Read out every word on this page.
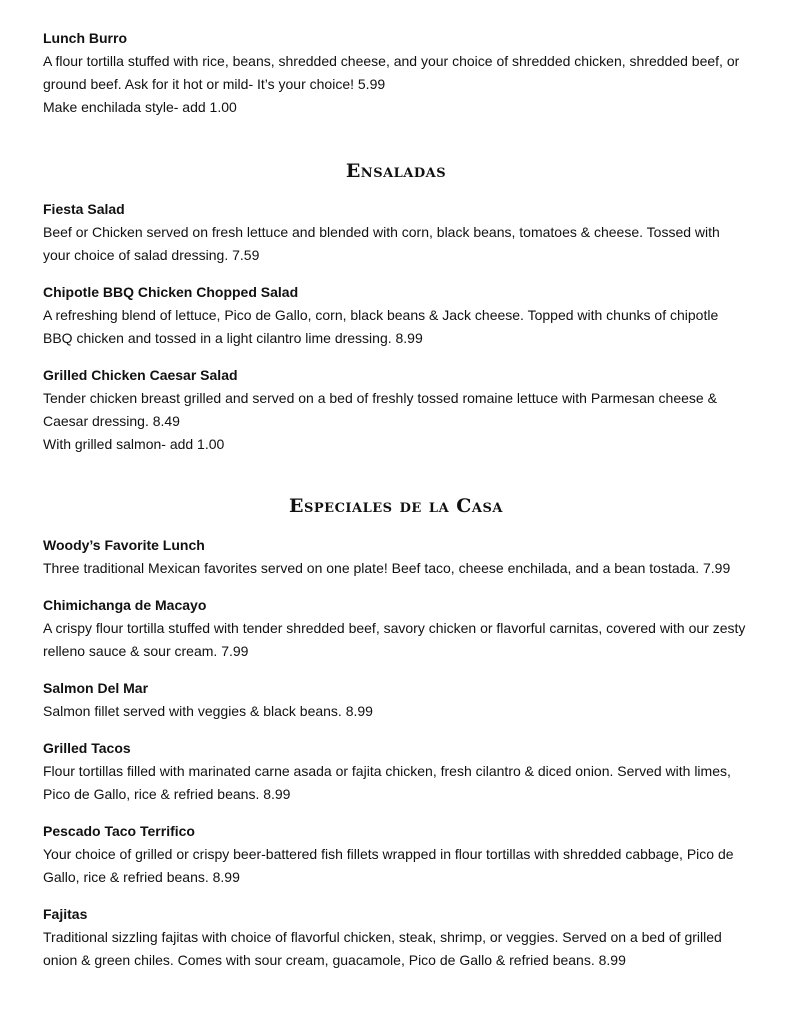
Lunch Burro

A flour tortilla stuffed with rice, beans, shredded cheese, and your choice of shredded chicken, shredded beef, or ground beef. Ask for it hot or mild- It’s your choice! 5.99

Make enchilada style- add 1.00

Ensaladas

Fiesta Salad

Beef or Chicken served on fresh lettuce and blended with corn, black beans, tomatoes & cheese. Tossed with your choice of salad dressing. 7.59

Chipotle BBQ Chicken Chopped Salad

A refreshing blend of lettuce, Pico de Gallo, corn, black beans & Jack cheese. Topped with chunks of chipotle BBQ chicken and tossed in a light cilantro lime dressing. 8.99

Grilled Chicken Caesar Salad

Tender chicken breast grilled and served on a bed of freshly tossed romaine lettuce with Parmesan cheese & Caesar dressing. 8.49

With grilled salmon- add 1.00

Especiales de la Casa

Woody’s Favorite Lunch

Three traditional Mexican favorites served on one plate! Beef taco, cheese enchilada, and a bean tostada. 7.99

Chimichanga de Macayo

A crispy flour tortilla stuffed with tender shredded beef, savory chicken or flavorful carnitas, covered with our zesty relleno sauce & sour cream. 7.99

Salmon Del Mar

Salmon fillet served with veggies & black beans. 8.99

Grilled Tacos

Flour tortillas filled with marinated carne asada or fajita chicken, fresh cilantro & diced onion. Served with limes, Pico de Gallo, rice & refried beans. 8.99

Pescado Taco Terrifico

Your choice of grilled or crispy beer-battered fish fillets wrapped in flour tortillas with shredded cabbage, Pico de Gallo, rice & refried beans. 8.99

Fajitas

Traditional sizzling fajitas with choice of flavorful chicken, steak, shrimp, or veggies. Served on a bed of grilled onion & green chiles. Comes with sour cream, guacamole, Pico de Gallo & refried beans. 8.99
